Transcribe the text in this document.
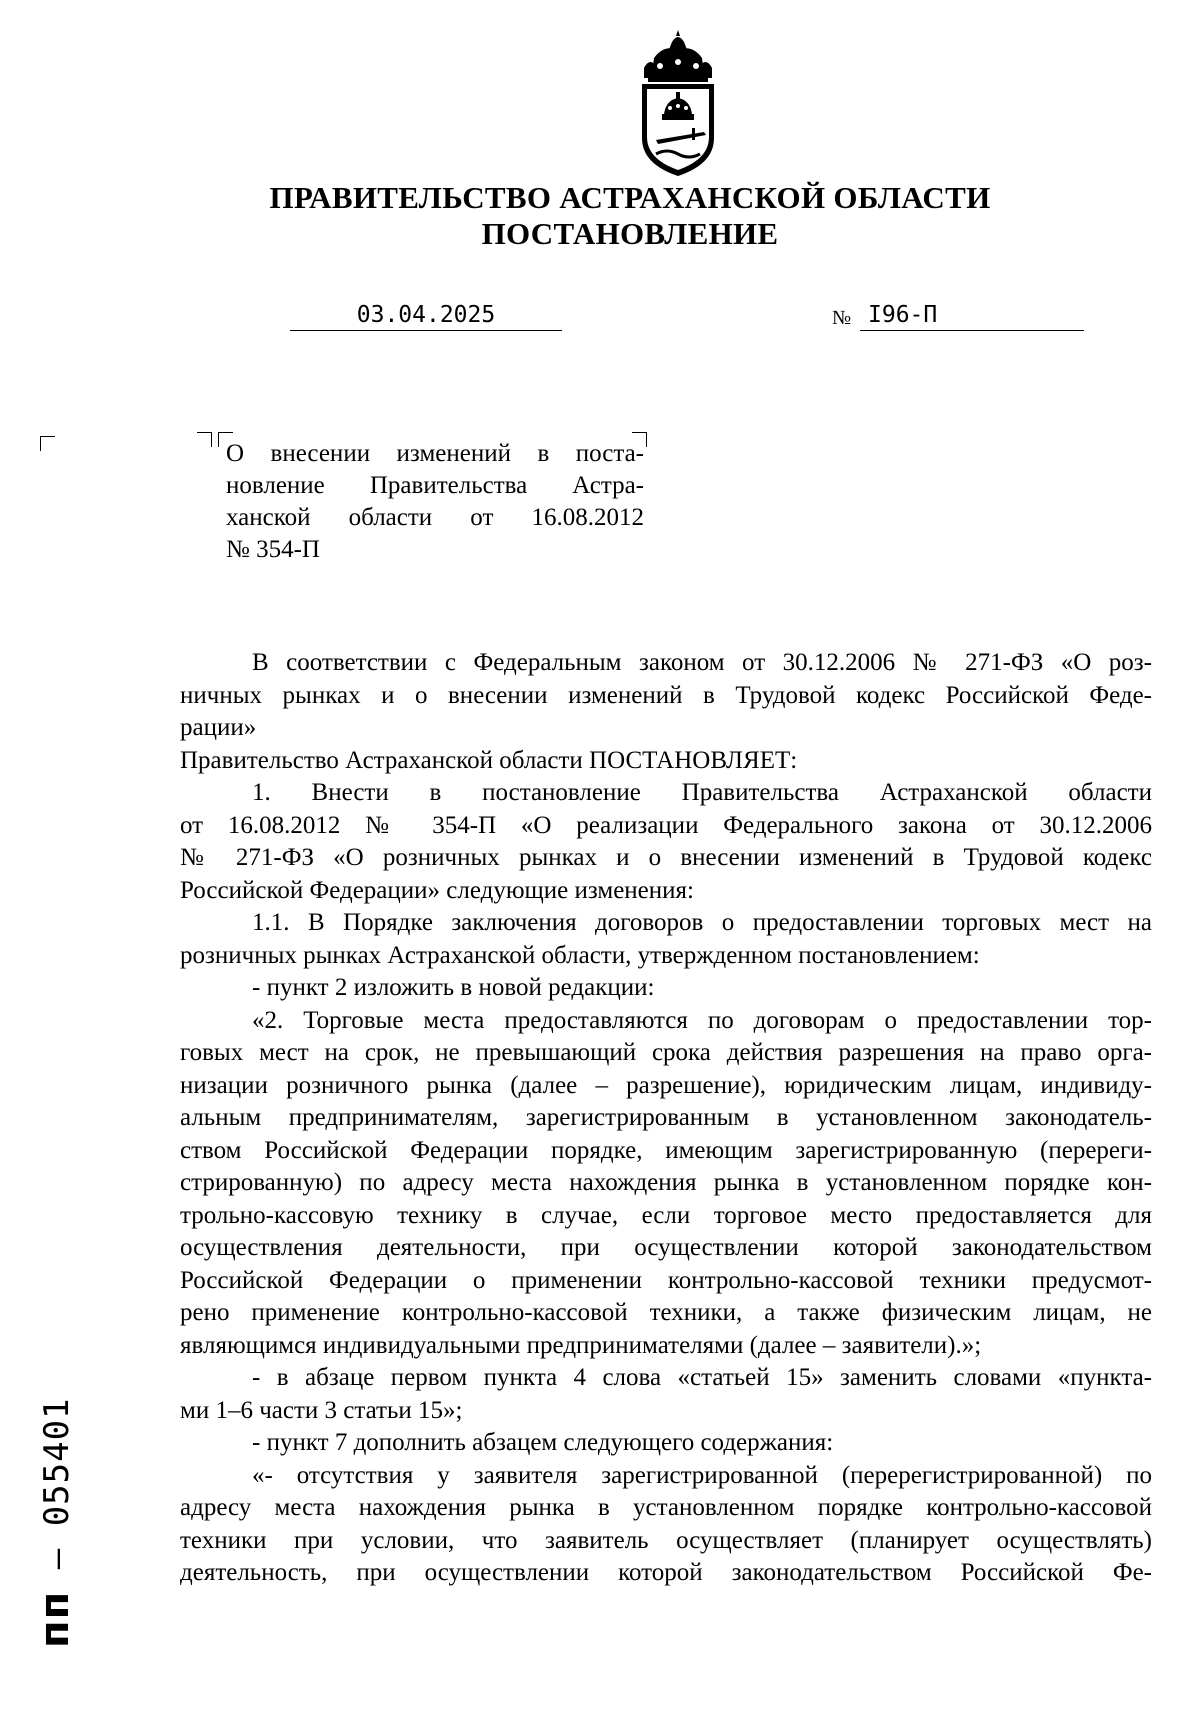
ПРАВИТЕЛЬСТВО АСТРАХАНСКОЙ ОБЛАСТИ
ПОСТАНОВЛЕНИЕ
03.04.2025	№ I96-П
О внесении изменений в поста-
новление Правительства Астра-
ханской области от 16.08.2012
№ 354-П
В соответствии с Федеральным законом от 30.12.2006 № 271-ФЗ «О роз-
ничных рынках и о внесении изменений в Трудовой кодекс Российской Феде-
рации»
Правительство Астраханской области ПОСТАНОВЛЯЕТ:
1. Внести в постановление Правительства Астраханской области
от 16.08.2012 № 354-П «О реализации Федерального закона от 30.12.2006
№ 271-ФЗ «О розничных рынках и о внесении изменений в Трудовой кодекс
Российской Федерации» следующие изменения:
1.1. В Порядке заключения договоров о предоставлении торговых мест на
розничных рынках Астраханской области, утвержденном постановлением:
- пункт 2 изложить в новой редакции:
«2. Торговые места предоставляются по договорам о предоставлении тор-
говых мест на срок, не превышающий срока действия разрешения на право орга-
низации розничного рынка (далее – разрешение), юридическим лицам, индивиду-
альным предпринимателям, зарегистрированным в установленном законодатель-
ством Российской Федерации порядке, имеющим зарегистрированную (перереги-
стрированную) по адресу места нахождения рынка в установленном порядке кон-
трольно-кассовую технику в случае, если торговое место предоставляется для
осуществления деятельности, при осуществлении которой законодательством
Российской Федерации о применении контрольно-кассовой техники предусмот-
рено применение контрольно-кассовой техники, а также физическим лицам, не
являющимся индивидуальными предпринимателями (далее – заявители).»;
- в абзаце первом пункта 4 слова «статьей 15» заменить словами «пункта-
ми 1–6 части 3 статьи 15»;
- пункт 7 дополнить абзацем следующего содержания:
«- отсутствия у заявителя зарегистрированной (перерегистрированной) по
адресу места нахождения рынка в установленном порядке контрольно-кассовой
техники при условии, что заявитель осуществляет (планирует осуществлять)
деятельность, при осуществлении которой законодательством Российской Фе-
пп – 055401
